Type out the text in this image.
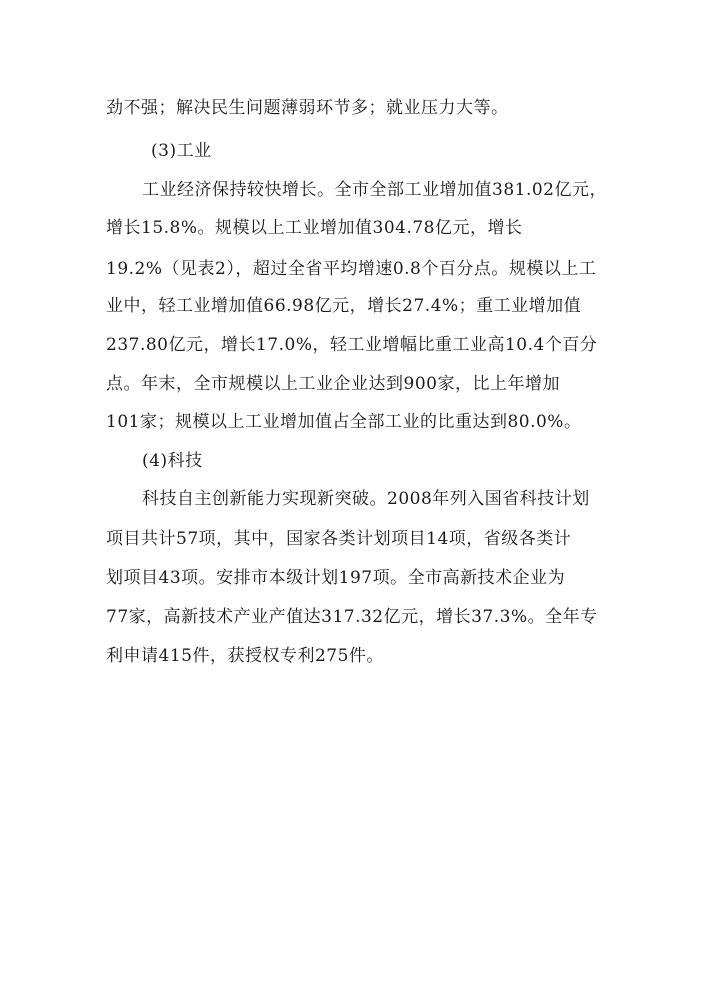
劲不强；解决民生问题薄弱环节多；就业压力大等。
(3)工业
工业经济保持较快增长。全市全部工业增加值381.02亿元，
增长15.8%。规模以上工业增加值304.78亿元，增长
19.2%（见表2），超过全省平均增速0.8个百分点。规模以上工
业中，轻工业增加值66.98亿元，增长27.4%；重工业增加值
237.80亿元，增长17.0%，轻工业增幅比重工业高10.4个百分
点。年末，全市规模以上工业企业达到900家，比上年增加
101家；规模以上工业增加值占全部工业的比重达到80.0%。
(4)科技
科技自主创新能力实现新突破。2008年列入国省科技计划
项目共计57项，其中，国家各类计划项目14项，省级各类计
划项目43项。安排市本级计划197项。全市高新技术企业为
77家，高新技术产业产值达317.32亿元，增长37.3%。全年专
利申请415件，获授权专利275件。
